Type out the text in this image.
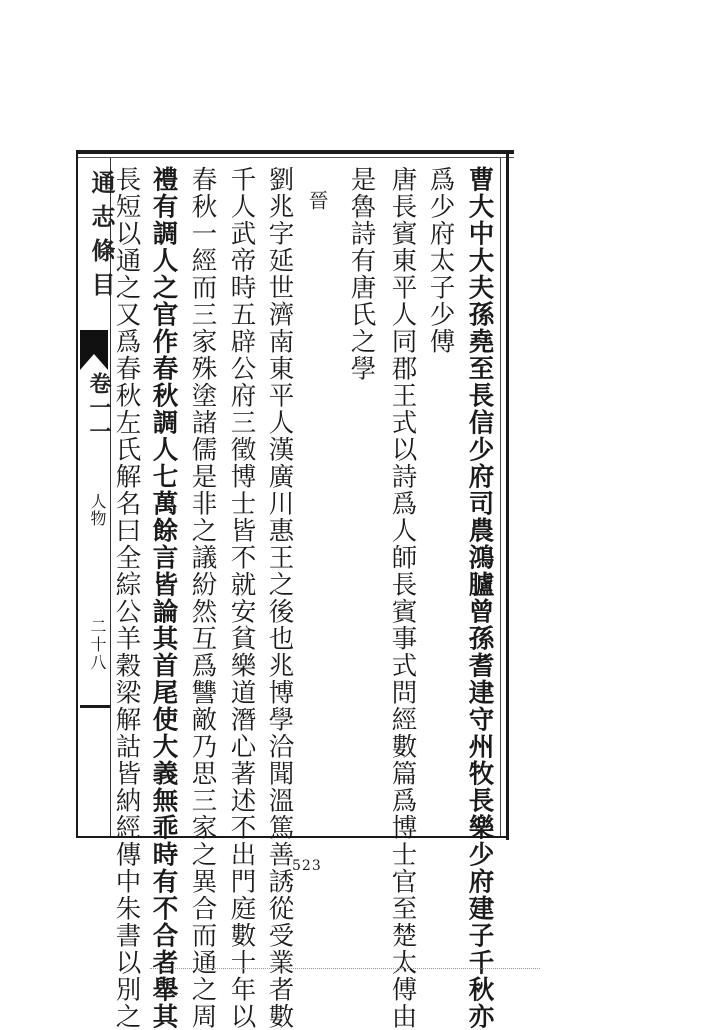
通志條目
卷一一
人物
二十八	曹大中大夫孫堯至長信少府司農鴻臚曾孫耆䢖守州牧長樂少府建子千秋亦
爲少府太子少傅
唐長賓東平人同郡王式以詩爲人師長賓事式問經數篇爲博士官至楚太傅由
是魯詩有唐氏之學
晉
劉兆字延世濟南東平人漢廣川惠王之後也兆博學洽聞溫篤善誘從受業者數
千人武帝時五辟公府三徵博士皆不就安貧樂道潛心著述不出門庭數十年以
春秋一經而三家殊塗諸儒是非之議紛然互爲讐敵乃思三家之異合而通之周
禮有調人之官作春秋調人七萬餘言皆論其首尾使大義無乖時有不合者舉其
長短以通之又爲春秋左氏解名曰全綜公羊穀梁解詁皆納經傳中朱書以別之	523
